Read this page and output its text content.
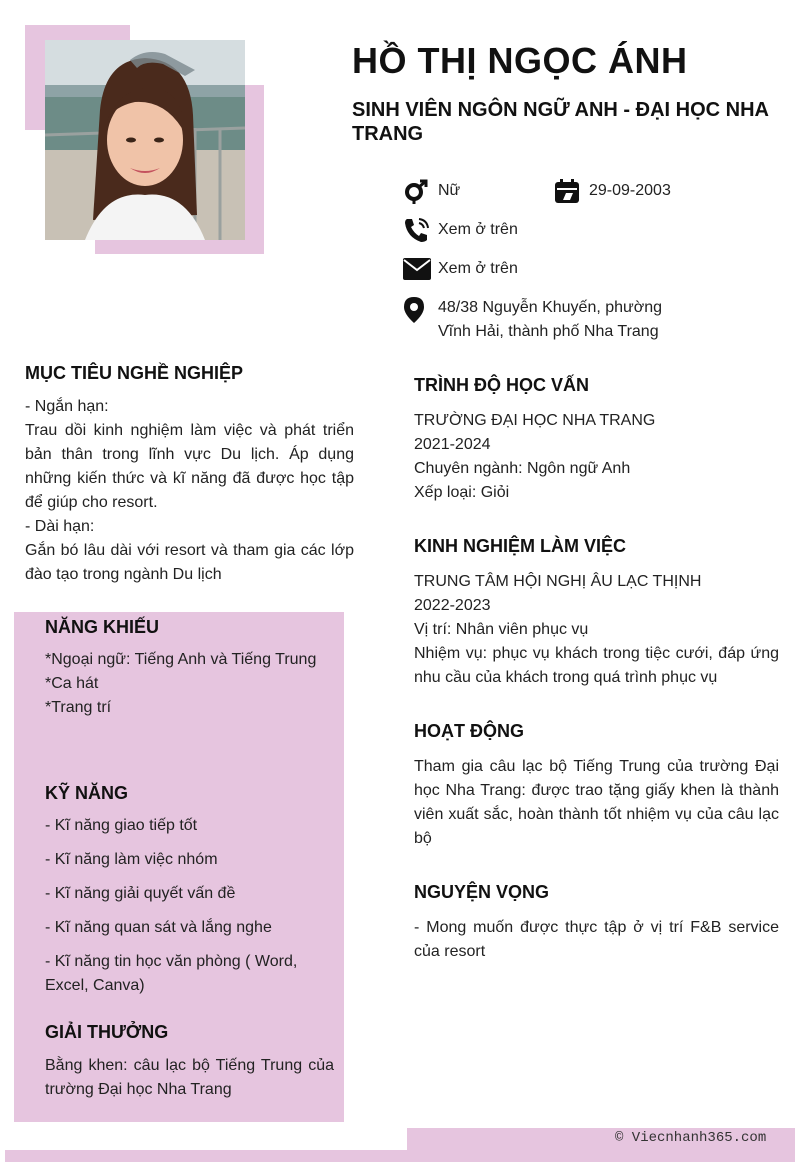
HỒ THỊ NGỌC ÁNH
SINH VIÊN NGÔN NGỮ ANH - ĐẠI HỌC NHA TRANG
Nữ	29-09-2003
Xem ở trên
Xem ở trên
48/38 Nguyễn Khuyến, phường
Vĩnh Hải, thành phố Nha Trang
MỤC TIÊU NGHỀ NGHIỆP
- Ngắn hạn:
Trau dồi kinh nghiệm làm việc và phát triển bản thân trong lĩnh vực Du lịch. Áp dụng những kiến thức và kĩ năng đã được học tập để giúp cho resort.
- Dài hạn:
Gắn bó lâu dài với resort và tham gia các lớp đào tạo trong ngành Du lịch
NĂNG KHIẾU
*Ngoại ngữ: Tiếng Anh và Tiếng Trung
*Ca hát
*Trang trí
KỸ NĂNG
- Kĩ năng giao tiếp tốt
- Kĩ năng làm việc nhóm
- Kĩ năng giải quyết vấn đề
- Kĩ năng quan sát và lắng nghe
- Kĩ năng tin học văn phòng ( Word, Excel, Canva)
GIẢI THƯỞNG
Bằng khen: câu lạc bộ Tiếng Trung của trường Đại học Nha Trang
TRÌNH ĐỘ HỌC VẤN
TRƯỜNG ĐẠI HỌC NHA TRANG
2021-2024
Chuyên ngành: Ngôn ngữ Anh
Xếp loại: Giỏi
KINH NGHIỆM LÀM VIỆC
TRUNG TÂM HỘI NGHỊ ÂU LẠC THỊNH
2022-2023
Vị trí: Nhân viên phục vụ
Nhiệm vụ: phục vụ khách trong tiệc cưới, đáp ứng nhu cầu của khách trong quá trình phục vụ
HOẠT ĐỘNG
Tham gia câu lạc bộ Tiếng Trung của trường Đại học Nha Trang: được trao tặng giấy khen là thành viên xuất sắc, hoàn thành tốt nhiệm vụ của câu lạc bộ
NGUYỆN VỌNG
- Mong muốn được thực tập ở vị trí F&B service của resort
© Viecnhanh365.com
